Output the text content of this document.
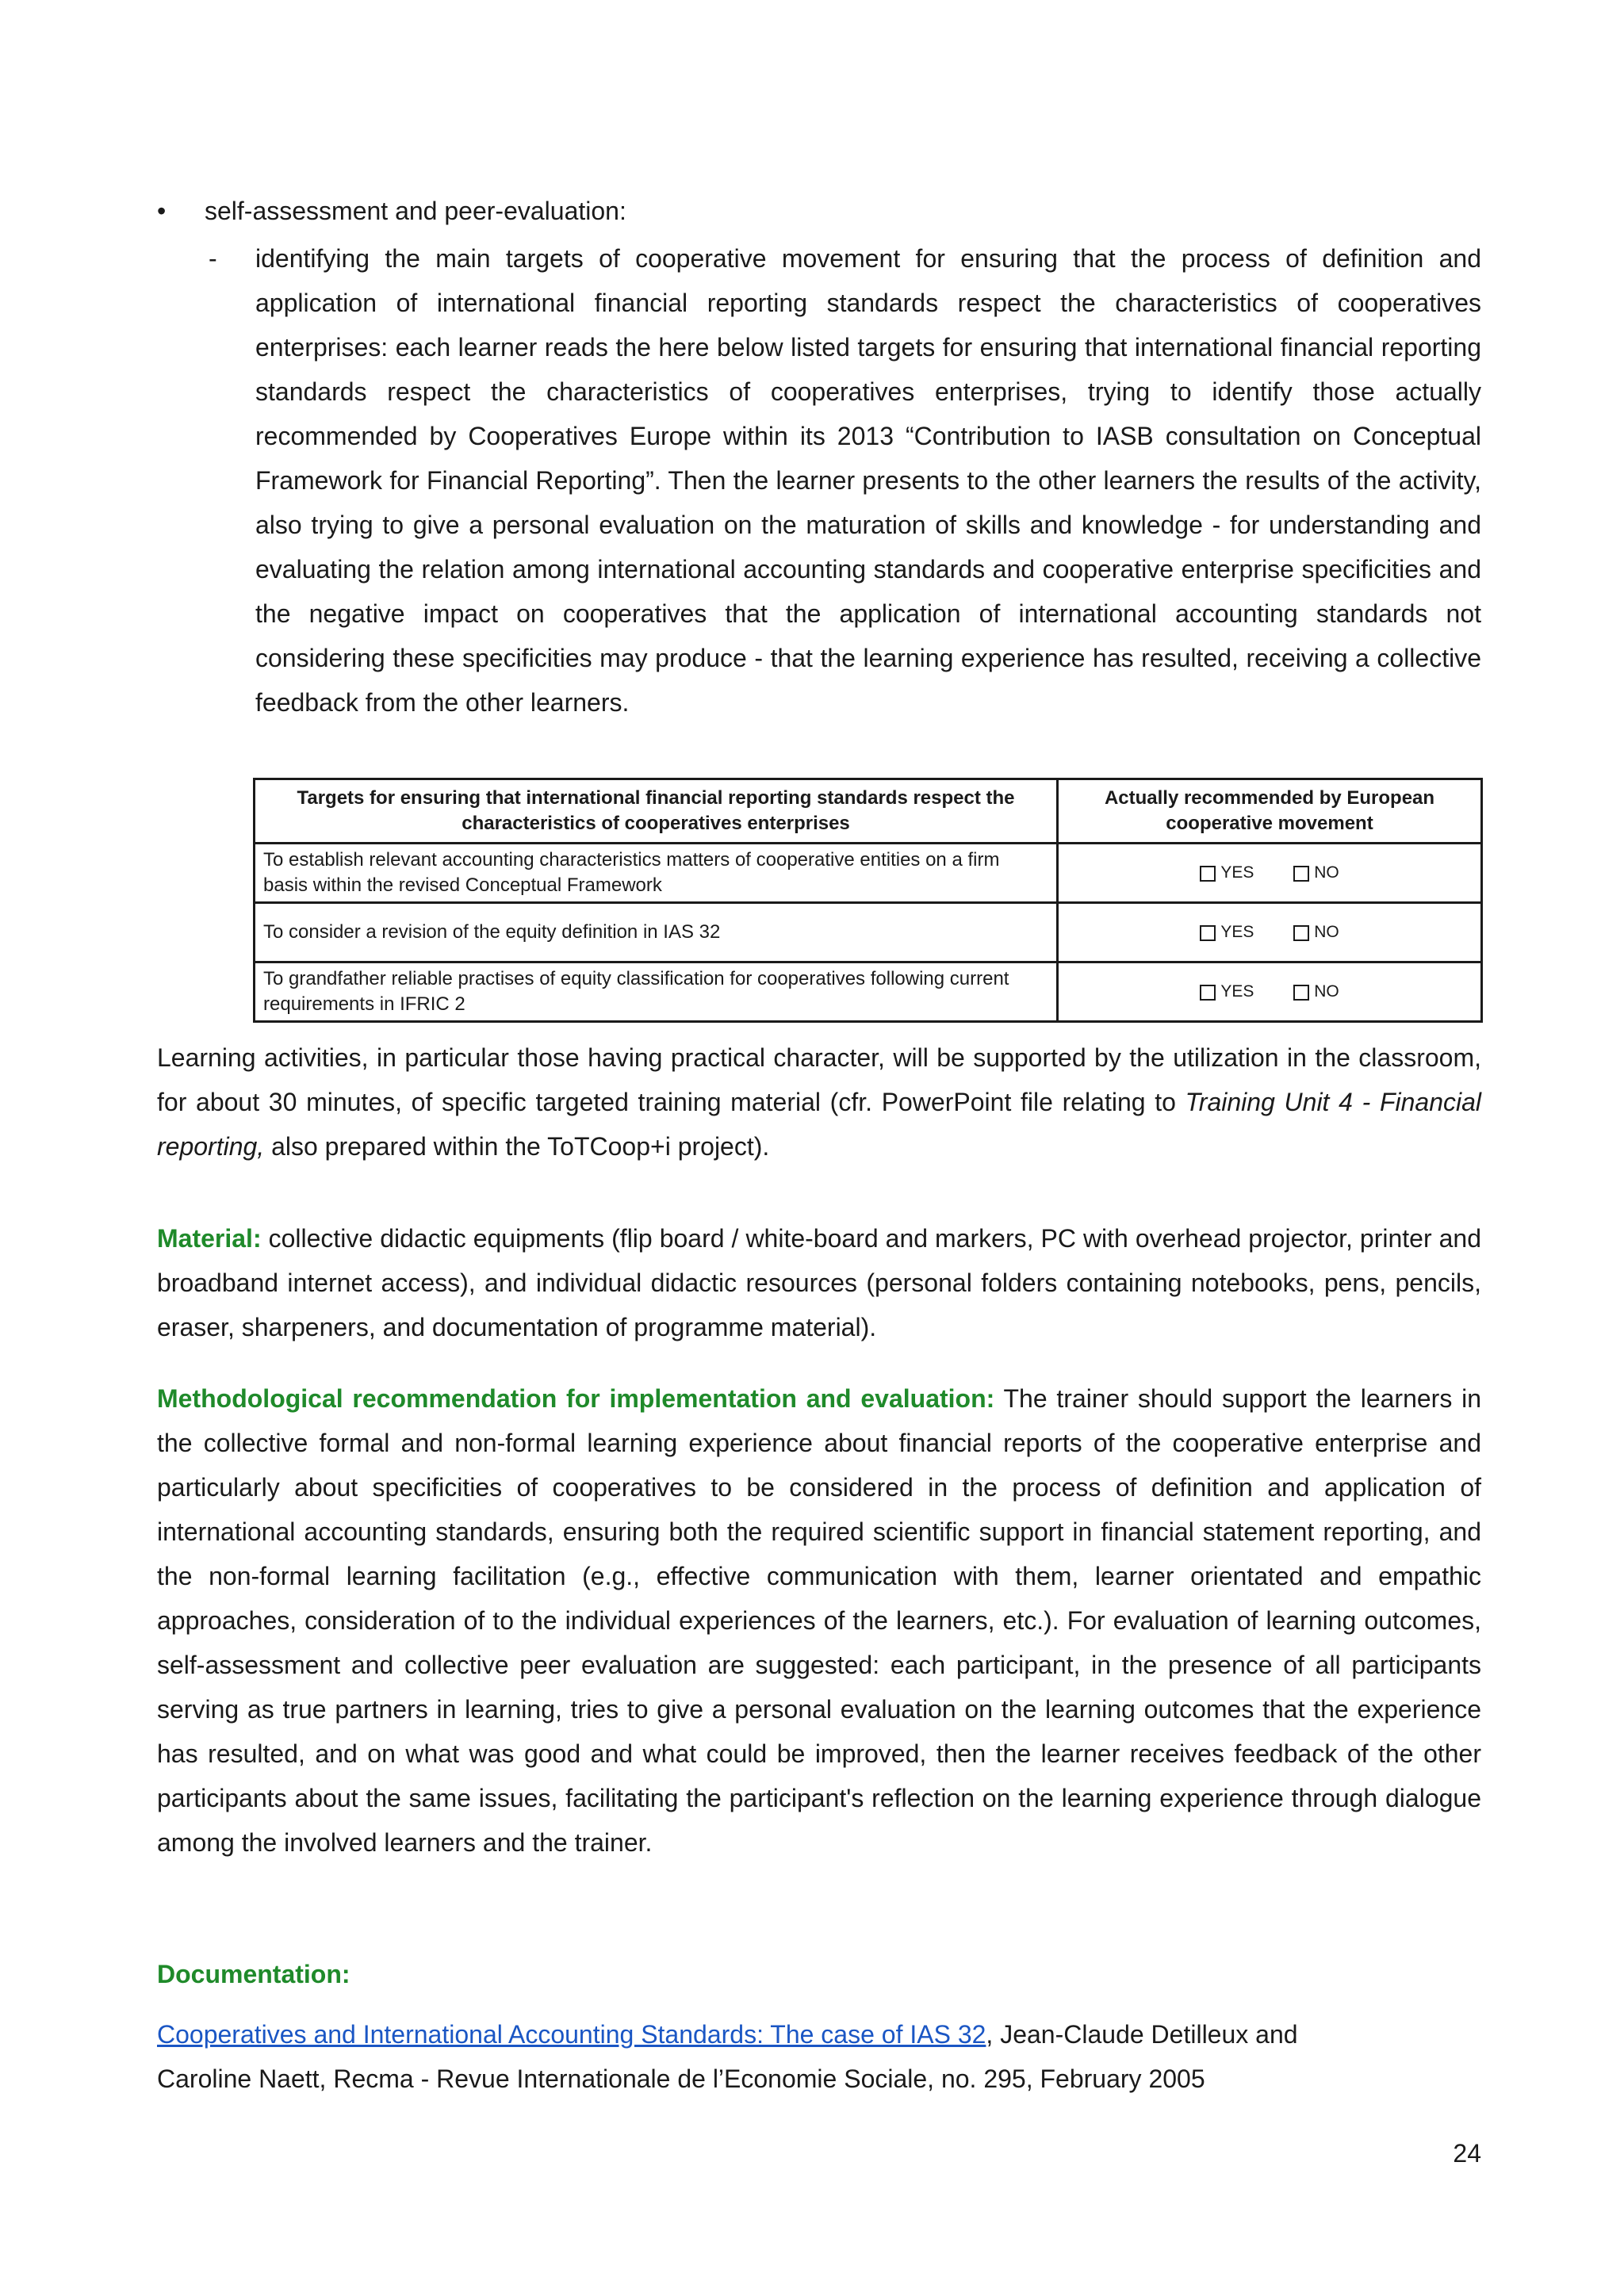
• self-assessment and peer-evaluation:
- identifying the main targets of cooperative movement for ensuring that the process of definition and application of international financial reporting standards respect the characteristics of cooperatives enterprises: each learner reads the here below listed targets for ensuring that international financial reporting standards respect the characteristics of cooperatives enterprises, trying to identify those actually recommended by Cooperatives Europe within its 2013 “Contribution to IASB consultation on Conceptual Framework for Financial Reporting”. Then the learner presents to the other learners the results of the activity, also trying to give a personal evaluation on the maturation of skills and knowledge - for understanding and evaluating the relation among international accounting standards and cooperative enterprise specificities and the negative impact on cooperatives that the application of international accounting standards not considering these specificities may produce - that the learning experience has resulted, receiving a collective feedback from the other learners.
Targets for ensuring that international financial reporting standards respect the characteristics of cooperatives enterprises	Actually recommended by European cooperative movement
To establish relevant accounting characteristics matters of cooperative entities on a firm basis within the revised Conceptual Framework	YES NO
To consider a revision of the equity definition in IAS 32	YES NO
To grandfather reliable practises of equity classification for cooperatives following current requirements in IFRIC 2	YES NO

Learning activities, in particular those having practical character, will be supported by the utilization in the classroom, for about 30 minutes, of specific targeted training material (cfr. PowerPoint file relating to Training Unit 4 - Financial reporting, also prepared within the ToTCoop+i project).

Material: collective didactic equipments (flip board / white-board and markers, PC with overhead projector, printer and broadband internet access), and individual didactic resources (personal folders containing notebooks, pens, pencils, eraser, sharpeners, and documentation of programme material).

Methodological recommendation for implementation and evaluation: The trainer should support the learners in the collective formal and non-formal learning experience about financial reports of the cooperative enterprise and particularly about specificities of cooperatives to be considered in the process of definition and application of international accounting standards, ensuring both the required scientific support in financial statement reporting, and the non-formal learning facilitation (e.g., effective communication with them, learner orientated and empathic approaches, consideration of to the individual experiences of the learners, etc.). For evaluation of learning outcomes, self-assessment and collective peer evaluation are suggested: each participant, in the presence of all participants serving as true partners in learning, tries to give a personal evaluation on the learning outcomes that the experience has resulted, and on what was good and what could be improved, then the learner receives feedback of the other participants about the same issues, facilitating the participant's reflection on the learning experience through dialogue among the involved learners and the trainer.

Documentation:

Cooperatives and International Accounting Standards: The case of IAS 32, Jean-Claude Detilleux and Caroline Naett, Recma - Revue Internationale de l’Economie Sociale, no. 295, February 2005

24
